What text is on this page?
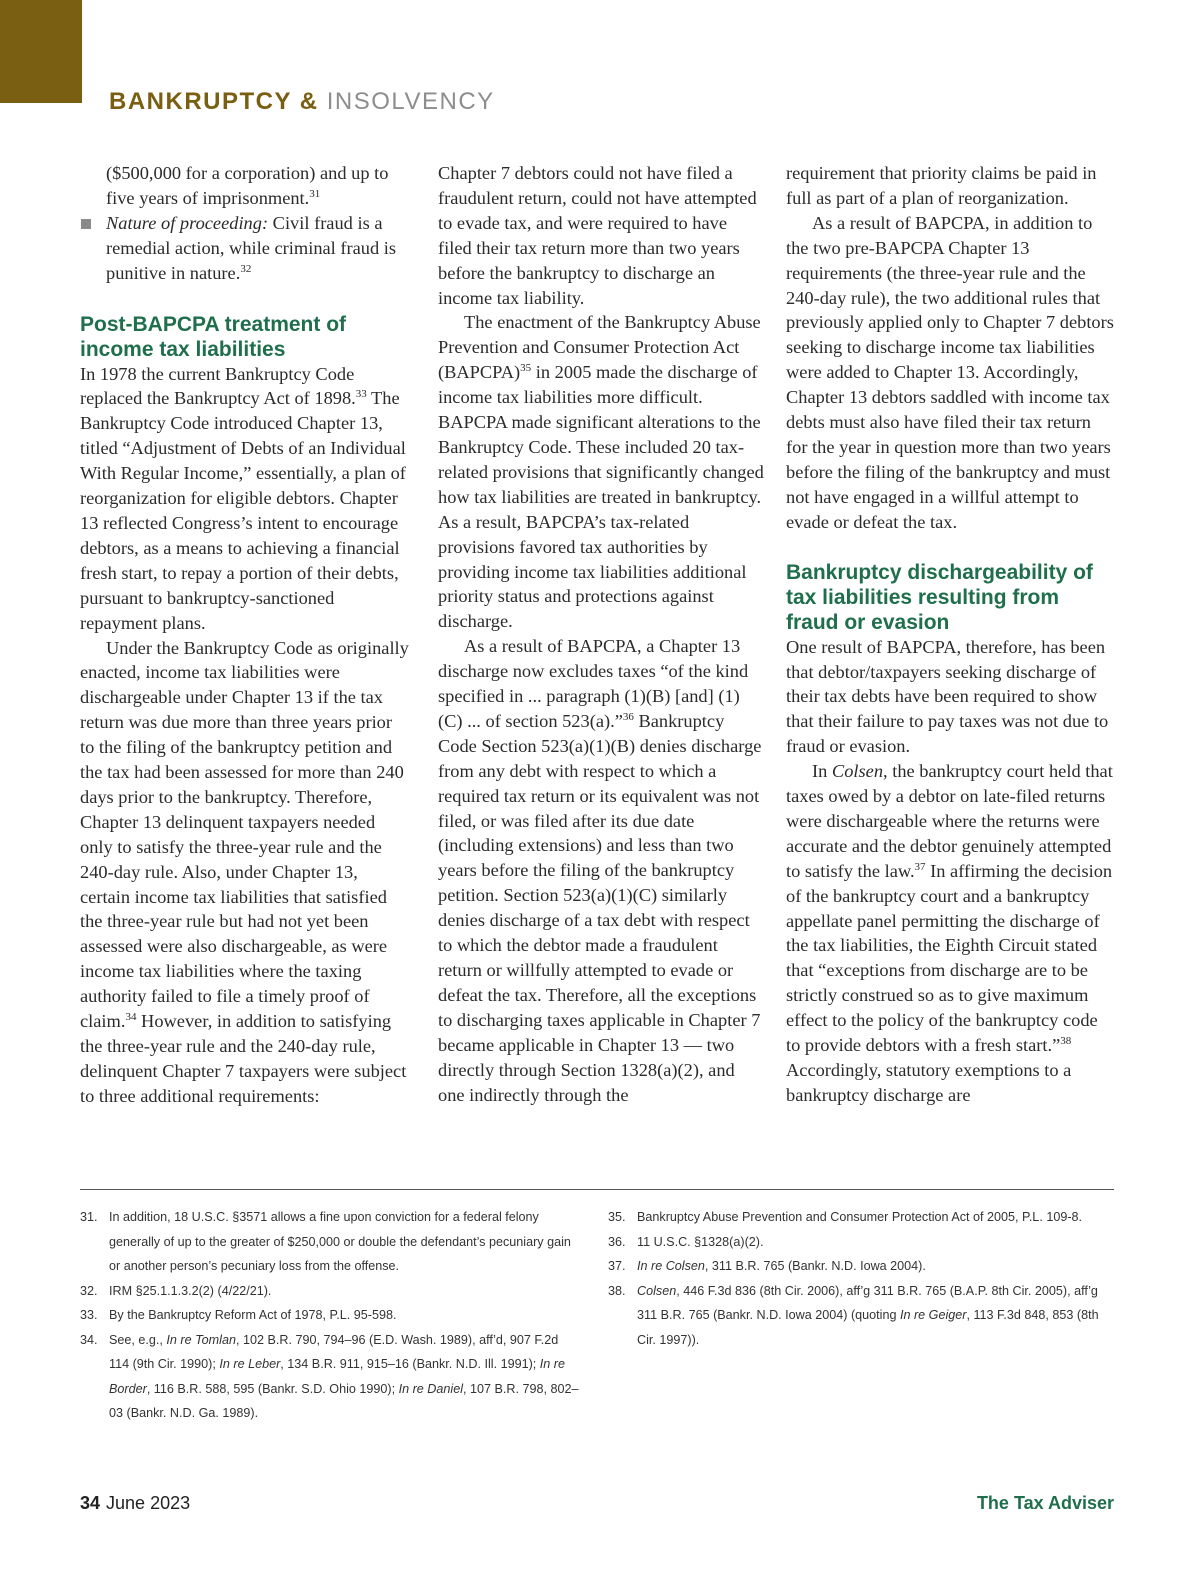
BANKRUPTCY & INSOLVENCY

($500,000 for a corporation) and up to five years of imprisonment.$^{31}$

Nature of proceeding: Civil fraud is a remedial action, while criminal fraud is punitive in nature.$^{32}$

Post-BAPCPA treatment of income tax liabilities

In 1978 the current Bankruptcy Code replaced the Bankruptcy Act of 1898.33 The Bankruptcy Code introduced Chapter 13, titled “Adjustment of Debts of an Individual With Regular Income,” essentially, a plan of reorganization for eligible debtors. Chapter 13 reflected Congress’s intent to encourage debtors, as a means to achieving a financial fresh start, to repay a portion of their debts, pursuant to bankruptcy-sanctioned repayment plans.

Under the Bankruptcy Code as originally enacted, income tax liabilities were dischargeable under Chapter 13 if the tax return was due more than three years prior to the filing of the bankruptcy petition and the tax had been assessed for more than 240 days prior to the bankruptcy. Therefore, Chapter 13 delinquent taxpayers needed only to satisfy the three-year rule and the 240-day rule. Also, under Chapter 13, certain income tax liabilities that satisfied the three-year rule but had not yet been assessed were also dischargeable, as were income tax liabilities where the taxing authority failed to file a timely proof of claim.$^{34}$ However, in addition to satisfying the three-year rule and the 240-day rule, delinquent Chapter 7 taxpayers were subject to three additional requirements:

Chapter 7 debtors could not have filed a fraudulent return, could not have attempted to evade tax, and were required to have filed their tax return more than two years before the bankruptcy to discharge an income tax liability.

The enactment of the Bankruptcy Abuse Prevention and Consumer Protection Act (BAPCPA)$^{35}$ in 2005 made the discharge of income tax liabilities more difficult. BAPCPA made significant alterations to the Bankruptcy Code. These included 20 tax-related provisions that significantly changed how tax liabilities are treated in bankruptcy. As a result, BAPCPA’s tax-related provisions favored tax authorities by providing income tax liabilities additional priority status and protections against discharge.

As a result of BAPCPA, a Chapter 13 discharge now excludes taxes “of the kind specified in ... paragraph (1)(B) [and] (1)(C) ... of section 523(a).”$^{36}$ Bankruptcy Code Section 523(a)(1)(B) denies discharge from any debt with respect to which a required tax return or its equivalent was not filed, or was filed after its due date (including extensions) and less than two years before the filing of the bankruptcy petition. Section 523(a)(1)(C) similarly denies discharge of a tax debt with respect to which the debtor made a fraudulent return or willfully attempted to evade or defeat the tax. Therefore, all the exceptions to discharging taxes applicable in Chapter 7 became applicable in Chapter 13 — two directly through Section 1328(a)(2), and one indirectly through the

requirement that priority claims be paid in full as part of a plan of reorganization.

As a result of BAPCPA, in addition to the two pre-BAPCPA Chapter 13 requirements (the three-year rule and the 240-day rule), the two additional rules that previously applied only to Chapter 7 debtors seeking to discharge income tax liabilities were added to Chapter 13. Accordingly, Chapter 13 debtors saddled with income tax debts must also have filed their tax return for the year in question more than two years before the filing of the bankruptcy and must not have engaged in a willful attempt to evade or defeat the tax.

Bankruptcy dischargeability of tax liabilities resulting from fraud or evasion

One result of BAPCPA, therefore, has been that debtor/taxpayers seeking discharge of their tax debts have been required to show that their failure to pay taxes was not due to fraud or evasion.

In Colsen, the bankruptcy court held that taxes owed by a debtor on late-filed returns were dischargeable where the returns were accurate and the debtor genuinely attempted to satisfy the law.$^{37}$ In affirming the decision of the bankruptcy court and a bankruptcy appellate panel permitting the discharge of the tax liabilities, the Eighth Circuit stated that “exceptions from discharge are to be strictly construed so as to give maximum effect to the policy of the bankruptcy code to provide debtors with a fresh start.”$^{38}$ Accordingly, statutory exemptions to a bankruptcy discharge are

31. In addition, 18 U.S.C. §3571 allows a fine upon conviction for a federal felony generally of up to the greater of $250,000 or double the defendant’s pecuniary gain or another person’s pecuniary loss from the offense.
32. IRM §25.1.1.3.2(2) (4/22/21).
33. By the Bankruptcy Reform Act of 1978, P.L. 95-598.
34. See, e.g., In re Tomlan, 102 B.R. 790, 794–96 (E.D. Wash. 1989), aff’d, 907 F.2d 114 (9th Cir. 1990); In re Leber, 134 B.R. 911, 915–16 (Bankr. N.D. Ill. 1991); In re Border, 116 B.R. 588, 595 (Bankr. S.D. Ohio 1990); In re Daniel, 107 B.R. 798, 802–03 (Bankr. N.D. Ga. 1989).
35. Bankruptcy Abuse Prevention and Consumer Protection Act of 2005, P.L. 109-8.
36. 11 U.S.C. §1328(a)(2).
37. In re Colsen, 311 B.R. 765 (Bankr. N.D. Iowa 2004).
38. Colsen, 446 F.3d 836 (8th Cir. 2006), aff’g 311 B.R. 765 (B.A.P. 8th Cir. 2005), aff’g 311 B.R. 765 (Bankr. N.D. Iowa 2004) (quoting In re Geiger, 113 F.3d 848, 853 (8th Cir. 1997)).
34 June 2023	The Tax Adviser
